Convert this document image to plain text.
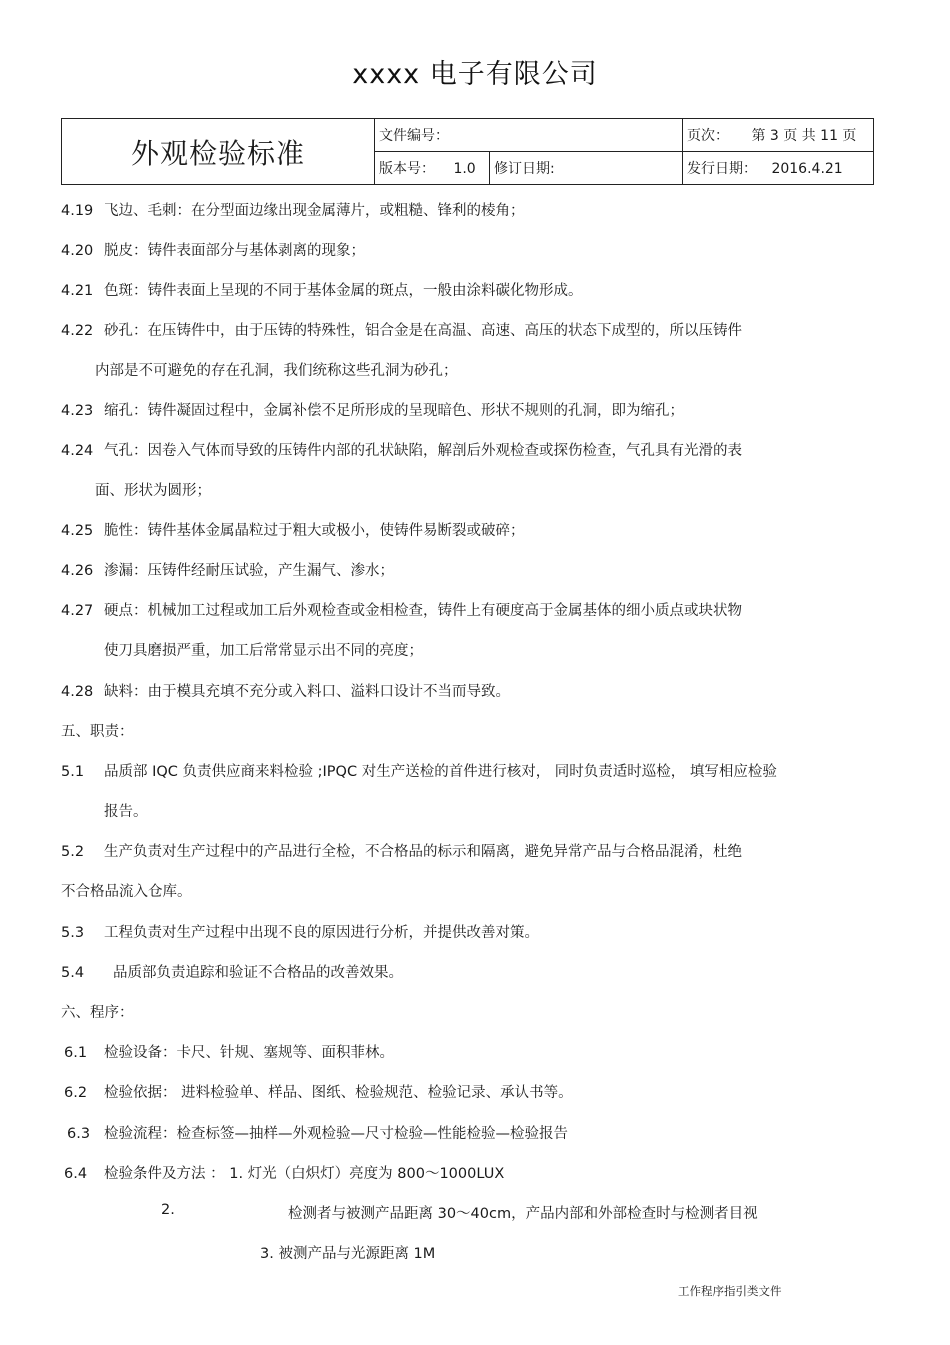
xxxx 电子有限公司
外观检验标准	文件编号：		页次： 第 3 页 共 11 页
	版本号： 1.0	修订日期:	发行日期： 2016.4.21
4.19 飞边、毛刺：在分型面边缘出现金属薄片，或粗糙、锋利的棱角；
4.20 脱皮：铸件表面部分与基体剥离的现象；
4.21 色斑：铸件表面上呈现的不同于基体金属的斑点，一般由涂料碳化物形成。
4.22 砂孔：在压铸件中，由于压铸的特殊性，铝合金是在高温、高速、高压的状态下成型的，所以压铸件
内部是不可避免的存在孔洞，我们统称这些孔洞为砂孔；
4.23 缩孔：铸件凝固过程中，金属补偿不足所形成的呈现暗色、形状不规则的孔洞，即为缩孔；
4.24 气孔：因卷入气体而导致的压铸件内部的孔状缺陷，解剖后外观检查或探伤检查，气孔具有光滑的表
面、形状为圆形；
4.25 脆性：铸件基体金属晶粒过于粗大或极小，使铸件易断裂或破碎；
4.26 渗漏：压铸件经耐压试验，产生漏气、渗水；
4.27 硬点：机械加工过程或加工后外观检查或金相检查，铸件上有硬度高于金属基体的细小质点或块状物
使刀具磨损严重，加工后常常显示出不同的亮度；
4.28 缺料：由于模具充填不充分或入料口、溢料口设计不当而导致。
五、职责：
5.1 品质部 IQC 负责供应商来料检验 ;IPQC 对生产送检的首件进行核对， 同时负责适时巡检， 填写相应检验
报告。
5.2 生产负责对生产过程中的产品进行全检，不合格品的标示和隔离，避免异常产品与合格品混淆，杜绝
不合格品流入仓库。
5.3 工程负责对生产过程中出现不良的原因进行分析，并提供改善对策。
5.4 品质部负责追踪和验证不合格品的改善效果。
六、程序：
6.1 检验设备：卡尺、针规、塞规等、面积菲林。
6.2 检验依据： 进料检验单、样品、图纸、检验规范、检验记录、承认书等。
6.3 检验流程：检查标签—抽样—外观检验—尺寸检验—性能检验—检验报告
6.4 检验条件及方法 ： 1. 灯光（白炽灯）亮度为 800～1000LUX
2.	检测者与被测产品距离 30～40cm，产品内部和外部检查时与检测者目视
3. 被测产品与光源距离 1M
工作程序指引类文件
